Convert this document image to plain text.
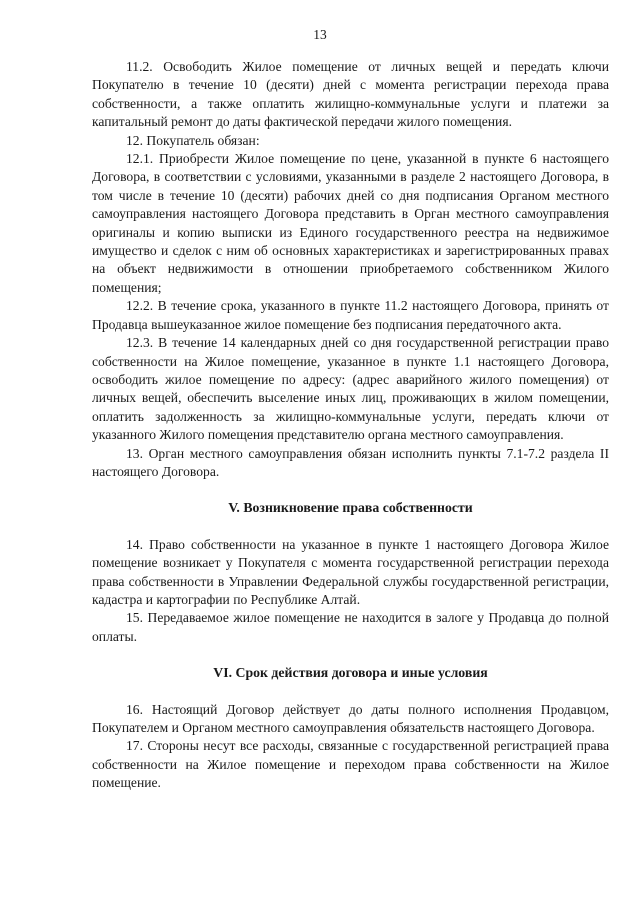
13

11.2. Освободить Жилое помещение от личных вещей и передать ключи Покупателю в течение 10 (десяти) дней с момента регистрации перехода права собственности, а также оплатить жилищно-коммунальные услуги и платежи за капитальный ремонт до даты фактической передачи жилого помещения.

12. Покупатель обязан:

12.1. Приобрести Жилое помещение по цене, указанной в пункте 6 настоящего Договора, в соответствии с условиями, указанными в разделе 2 настоящего Договора, в том числе в течение 10 (десяти) рабочих дней со дня подписания Органом местного самоуправления настоящего Договора представить в Орган местного самоуправления оригиналы и копию выписки из Единого государственного реестра на недвижимое имущество и сделок с ним об основных характеристиках и зарегистрированных правах на объект недвижимости в отношении приобретаемого собственником Жилого помещения;

12.2. В течение срока, указанного в пункте 11.2 настоящего Договора, принять от Продавца вышеуказанное жилое помещение без подписания передаточного акта.

12.3. В течение 14 календарных дней со дня государственной регистрации право собственности на Жилое помещение, указанное в пункте 1.1 настоящего Договора, освободить жилое помещение по адресу: (адрес аварийного жилого помещения) от личных вещей, обеспечить выселение иных лиц, проживающих в жилом помещении, оплатить задолженность за жилищно-коммунальные услуги, передать ключи от указанного Жилого помещения представителю органа местного самоуправления.

13. Орган местного самоуправления обязан исполнить пункты 7.1-7.2 раздела II настоящего Договора.

V. Возникновение права собственности

14. Право собственности на указанное в пункте 1 настоящего Договора Жилое помещение возникает у Покупателя с момента государственной регистрации перехода права собственности в Управлении Федеральной службы государственной регистрации, кадастра и картографии по Республике Алтай.

15. Передаваемое жилое помещение не находится в залоге у Продавца до полной оплаты.

VI. Срок действия договора и иные условия

16. Настоящий Договор действует до даты полного исполнения Продавцом, Покупателем и Органом местного самоуправления обязательств настоящего Договора.

17. Стороны несут все расходы, связанные с государственной регистрацией права собственности на Жилое помещение и переходом права собственности на Жилое помещение.
